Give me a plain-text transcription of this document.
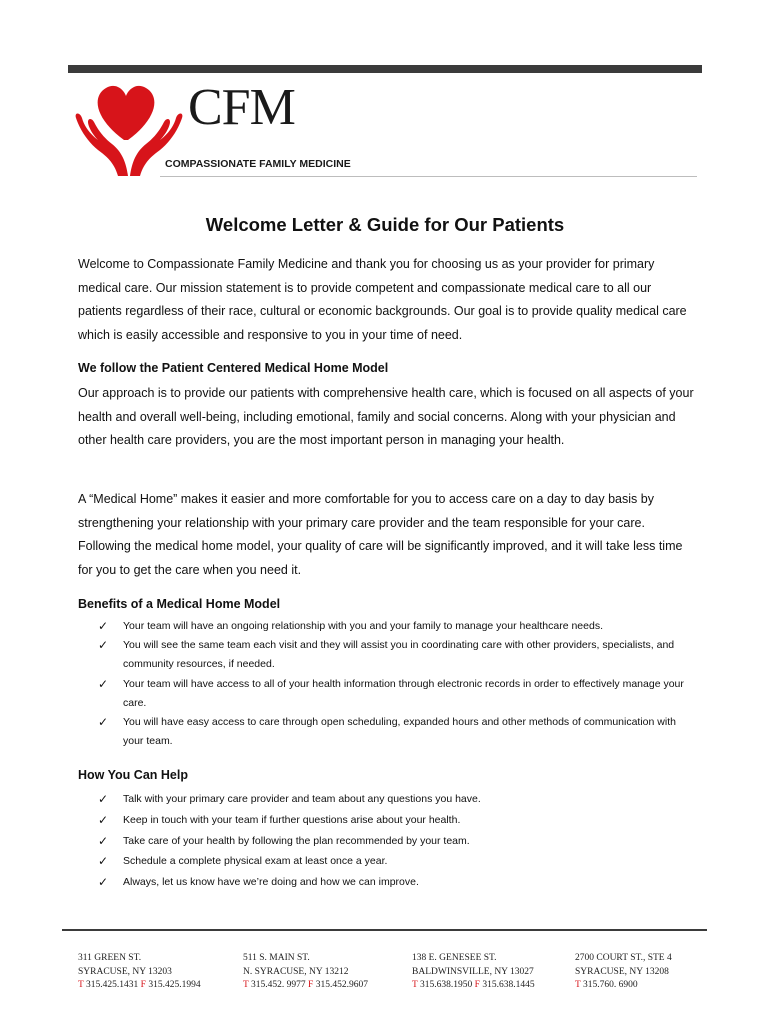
CFM
COMPASSIONATE FAMILY MEDICINE
Welcome Letter & Guide for Our Patients

Welcome to Compassionate Family Medicine and thank you for choosing us as your provider for primary medical care. Our mission statement is to provide competent and compassionate medical care to all our patients regardless of their race, cultural or economic backgrounds. Our goal is to provide quality medical care which is easily accessible and responsive to you in your time of need.

We follow the Patient Centered Medical Home Model

Our approach is to provide our patients with comprehensive health care, which is focused on all aspects of your health and overall well-being, including emotional, family and social concerns. Along with your physician and other health care providers, you are the most important person in managing your health.

A “Medical Home” makes it easier and more comfortable for you to access care on a day to day basis by strengthening your relationship with your primary care provider and the team responsible for your care. Following the medical home model, your quality of care will be significantly improved, and it will take less time for you to get the care when you need it.

Benefits of a Medical Home Model
✓ Your team will have an ongoing relationship with you and your family to manage your healthcare needs.
✓ You will see the same team each visit and they will assist you in coordinating care with other providers, specialists, and community resources, if needed.
✓ Your team will have access to all of your health information through electronic records in order to effectively manage your care.
✓ You will have easy access to care through open scheduling, expanded hours and other methods of communication with your team.
How You Can Help
✓ Talk with your primary care provider and team about any questions you have.
✓ Keep in touch with your team if further questions arise about your health.
✓ Take care of your health by following the plan recommended by your team.
✓ Schedule a complete physical exam at least once a year.
✓ Always, let us know have we’re doing and how we can improve.
311 GREEN ST.
SYRACUSE, NY 13203
T 315.425.1431 F 315.425.1994
511 S. MAIN ST.
N. SYRACUSE, NY 13212
T 315.452. 9977 F 315.452.9607
138 E. GENESEE ST.
BALDWINSVILLE, NY 13027
T 315.638.1950 F 315.638.1445
2700 COURT ST., STE 4
SYRACUSE, NY 13208
T 315.760. 6900
